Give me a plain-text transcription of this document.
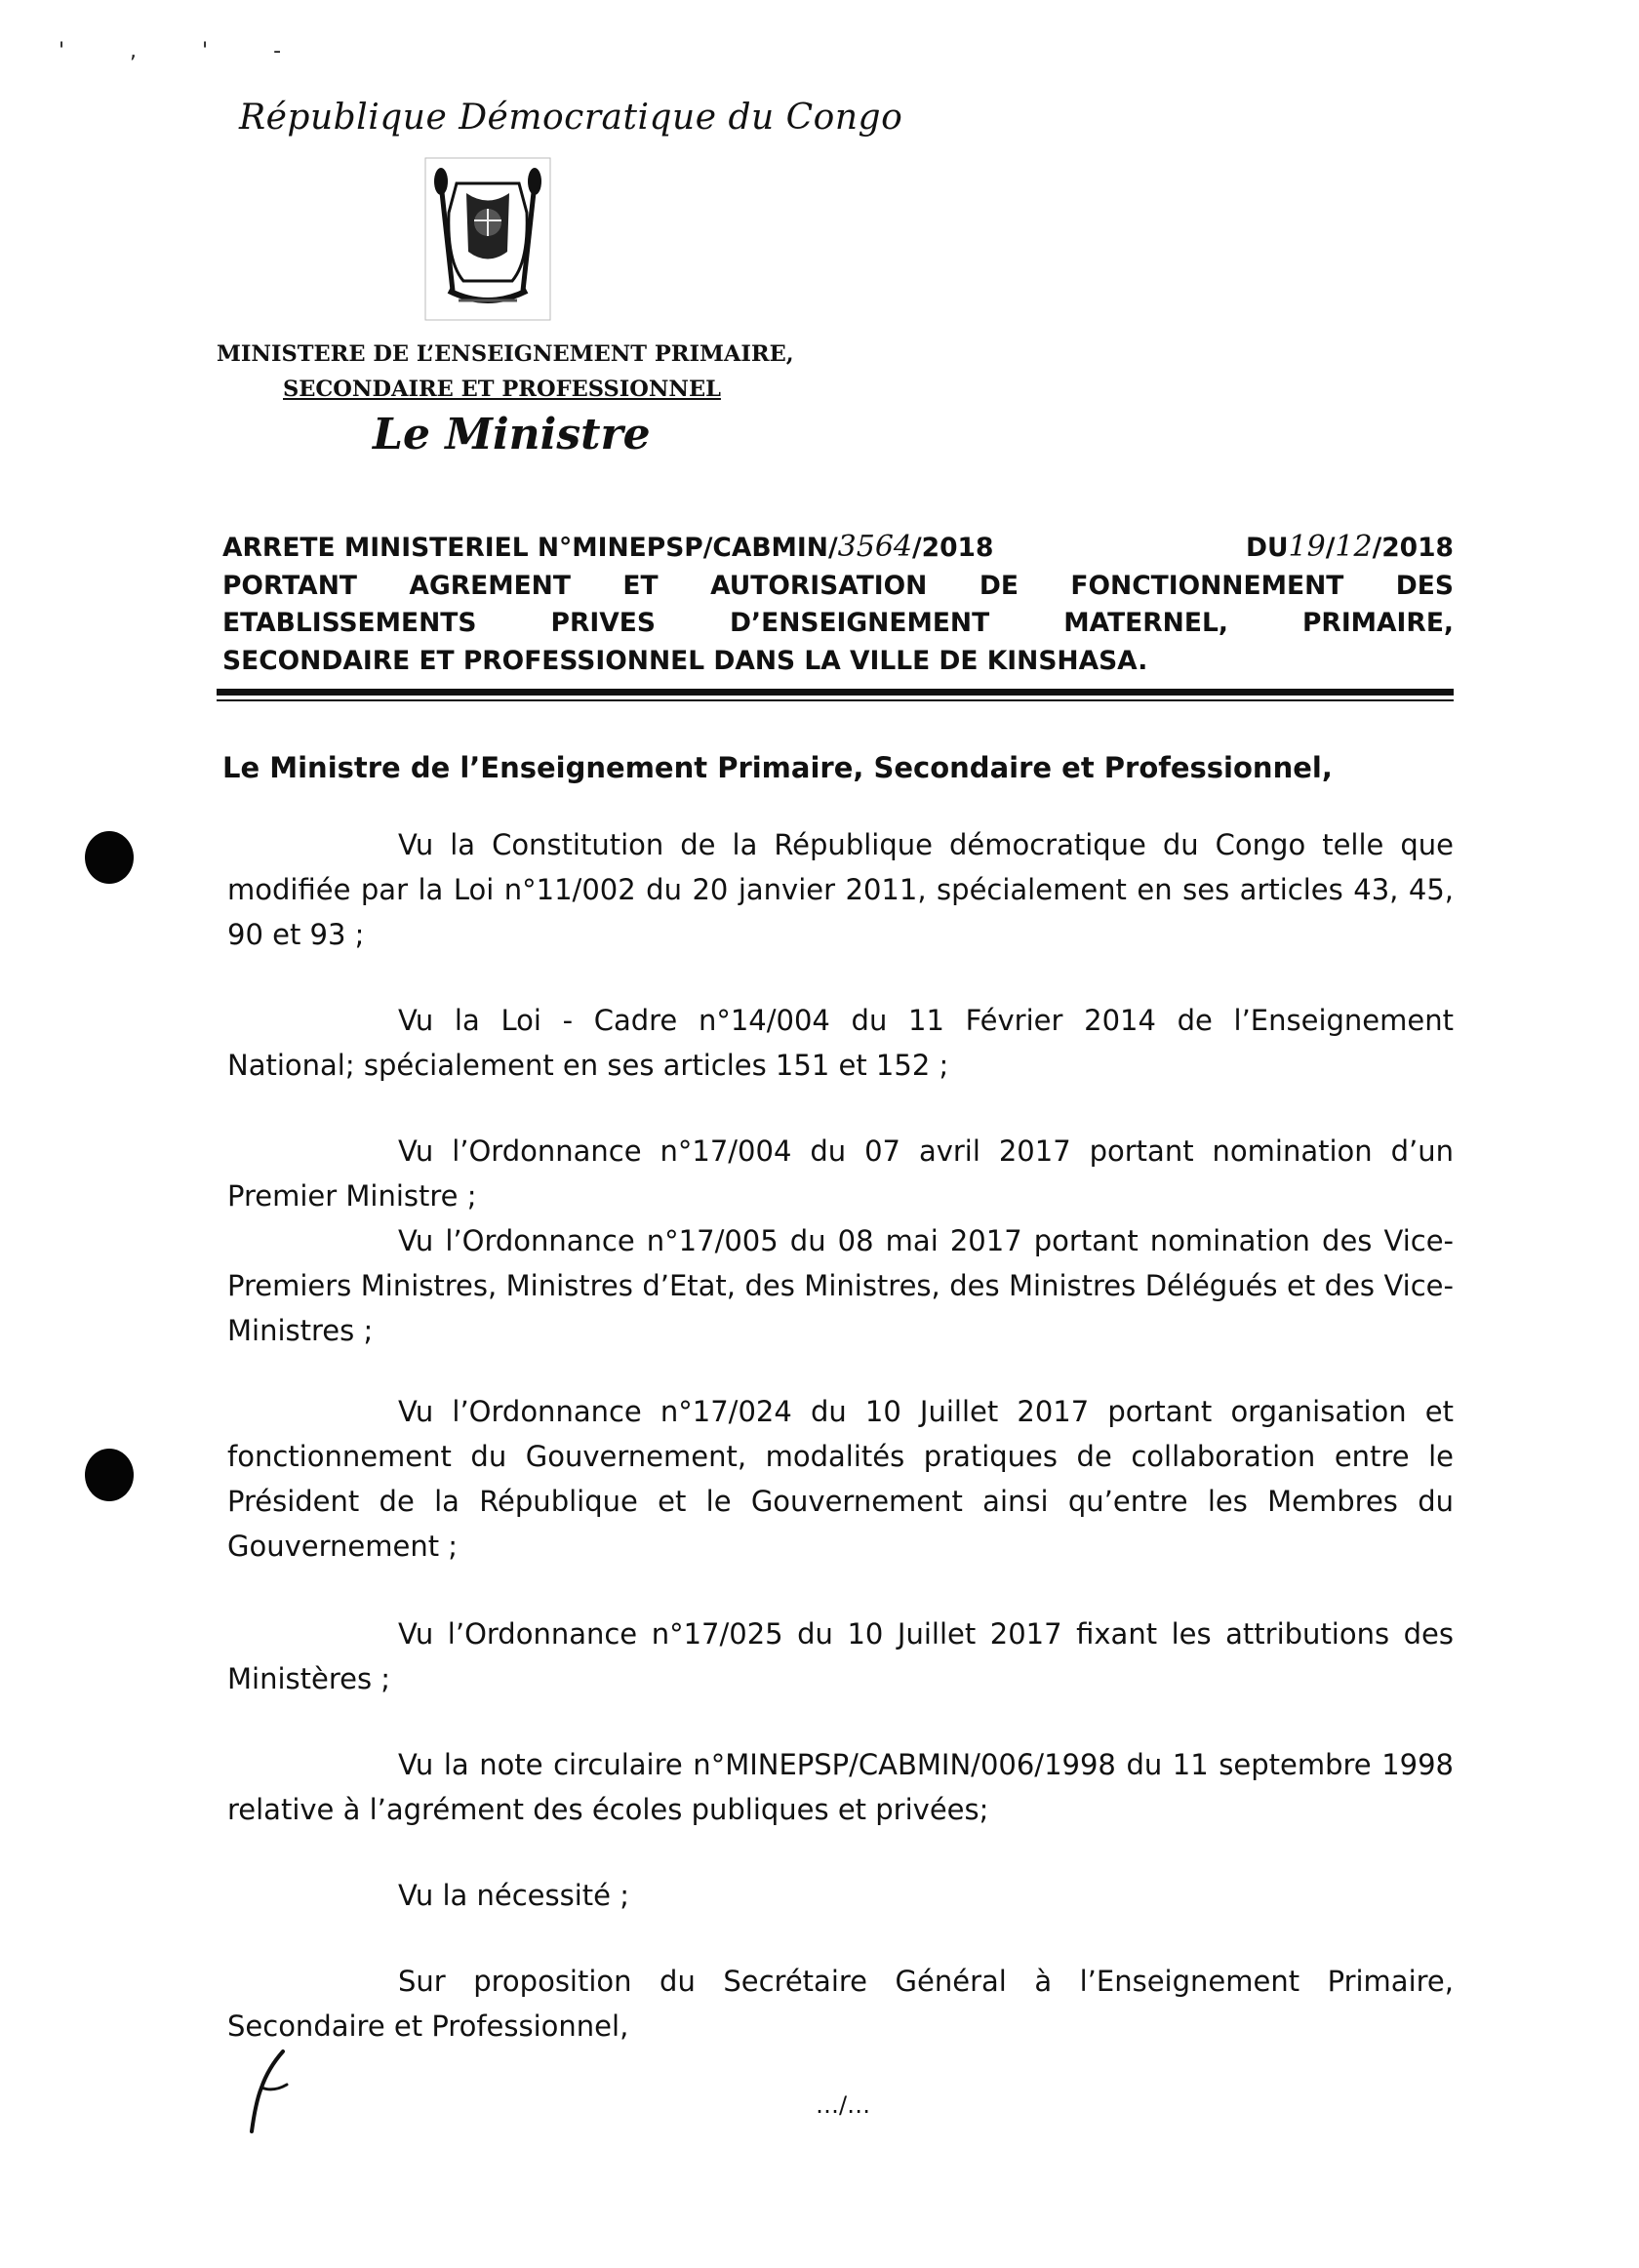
' , ' -
République Démocratique du Congo
MINISTERE DE L’ENSEIGNEMENT PRIMAIRE,
SECONDAIRE ET PROFESSIONNEL
Le Ministre
ARRETE MINISTERIEL N°MINEPSP/CABMIN/3564/2018	DU19/12/2018
PORTANT AGREMENT ET AUTORISATION DE FONCTIONNEMENT DES
ETABLISSEMENTS PRIVES D’ENSEIGNEMENT MATERNEL, PRIMAIRE,
SECONDAIRE ET PROFESSIONNEL DANS LA VILLE DE KINSHASA.
Le Ministre de l’Enseignement Primaire, Secondaire et Professionnel,
Vu la Constitution de la République démocratique du Congo telle que modifiée par la Loi n°11/002 du 20 janvier 2011, spécialement en ses articles 43, 45, 90 et 93 ;
Vu la Loi - Cadre n°14/004 du 11 Février 2014 de l’Enseignement National; spécialement en ses articles 151 et 152 ;
Vu l’Ordonnance n°17/004 du 07 avril 2017 portant nomination d’un Premier Ministre ;
Vu l’Ordonnance n°17/005 du 08 mai 2017 portant nomination des Vice-Premiers Ministres, Ministres d’Etat, des Ministres, des Ministres Délégués et des Vice-Ministres ;
Vu l’Ordonnance n°17/024 du 10 Juillet 2017 portant organisation et fonctionnement du Gouvernement, modalités pratiques de collaboration entre le Président de la République et le Gouvernement ainsi qu’entre les Membres du Gouvernement ;
Vu l’Ordonnance n°17/025 du 10 Juillet 2017 fixant les attributions des Ministères ;
Vu la note circulaire n°MINEPSP/CABMIN/006/1998 du 11 septembre 1998 relative à l’agrément des écoles publiques et privées;
Vu la nécessité ;
Sur proposition du Secrétaire Général à l’Enseignement Primaire, Secondaire et Professionnel,
…/…
